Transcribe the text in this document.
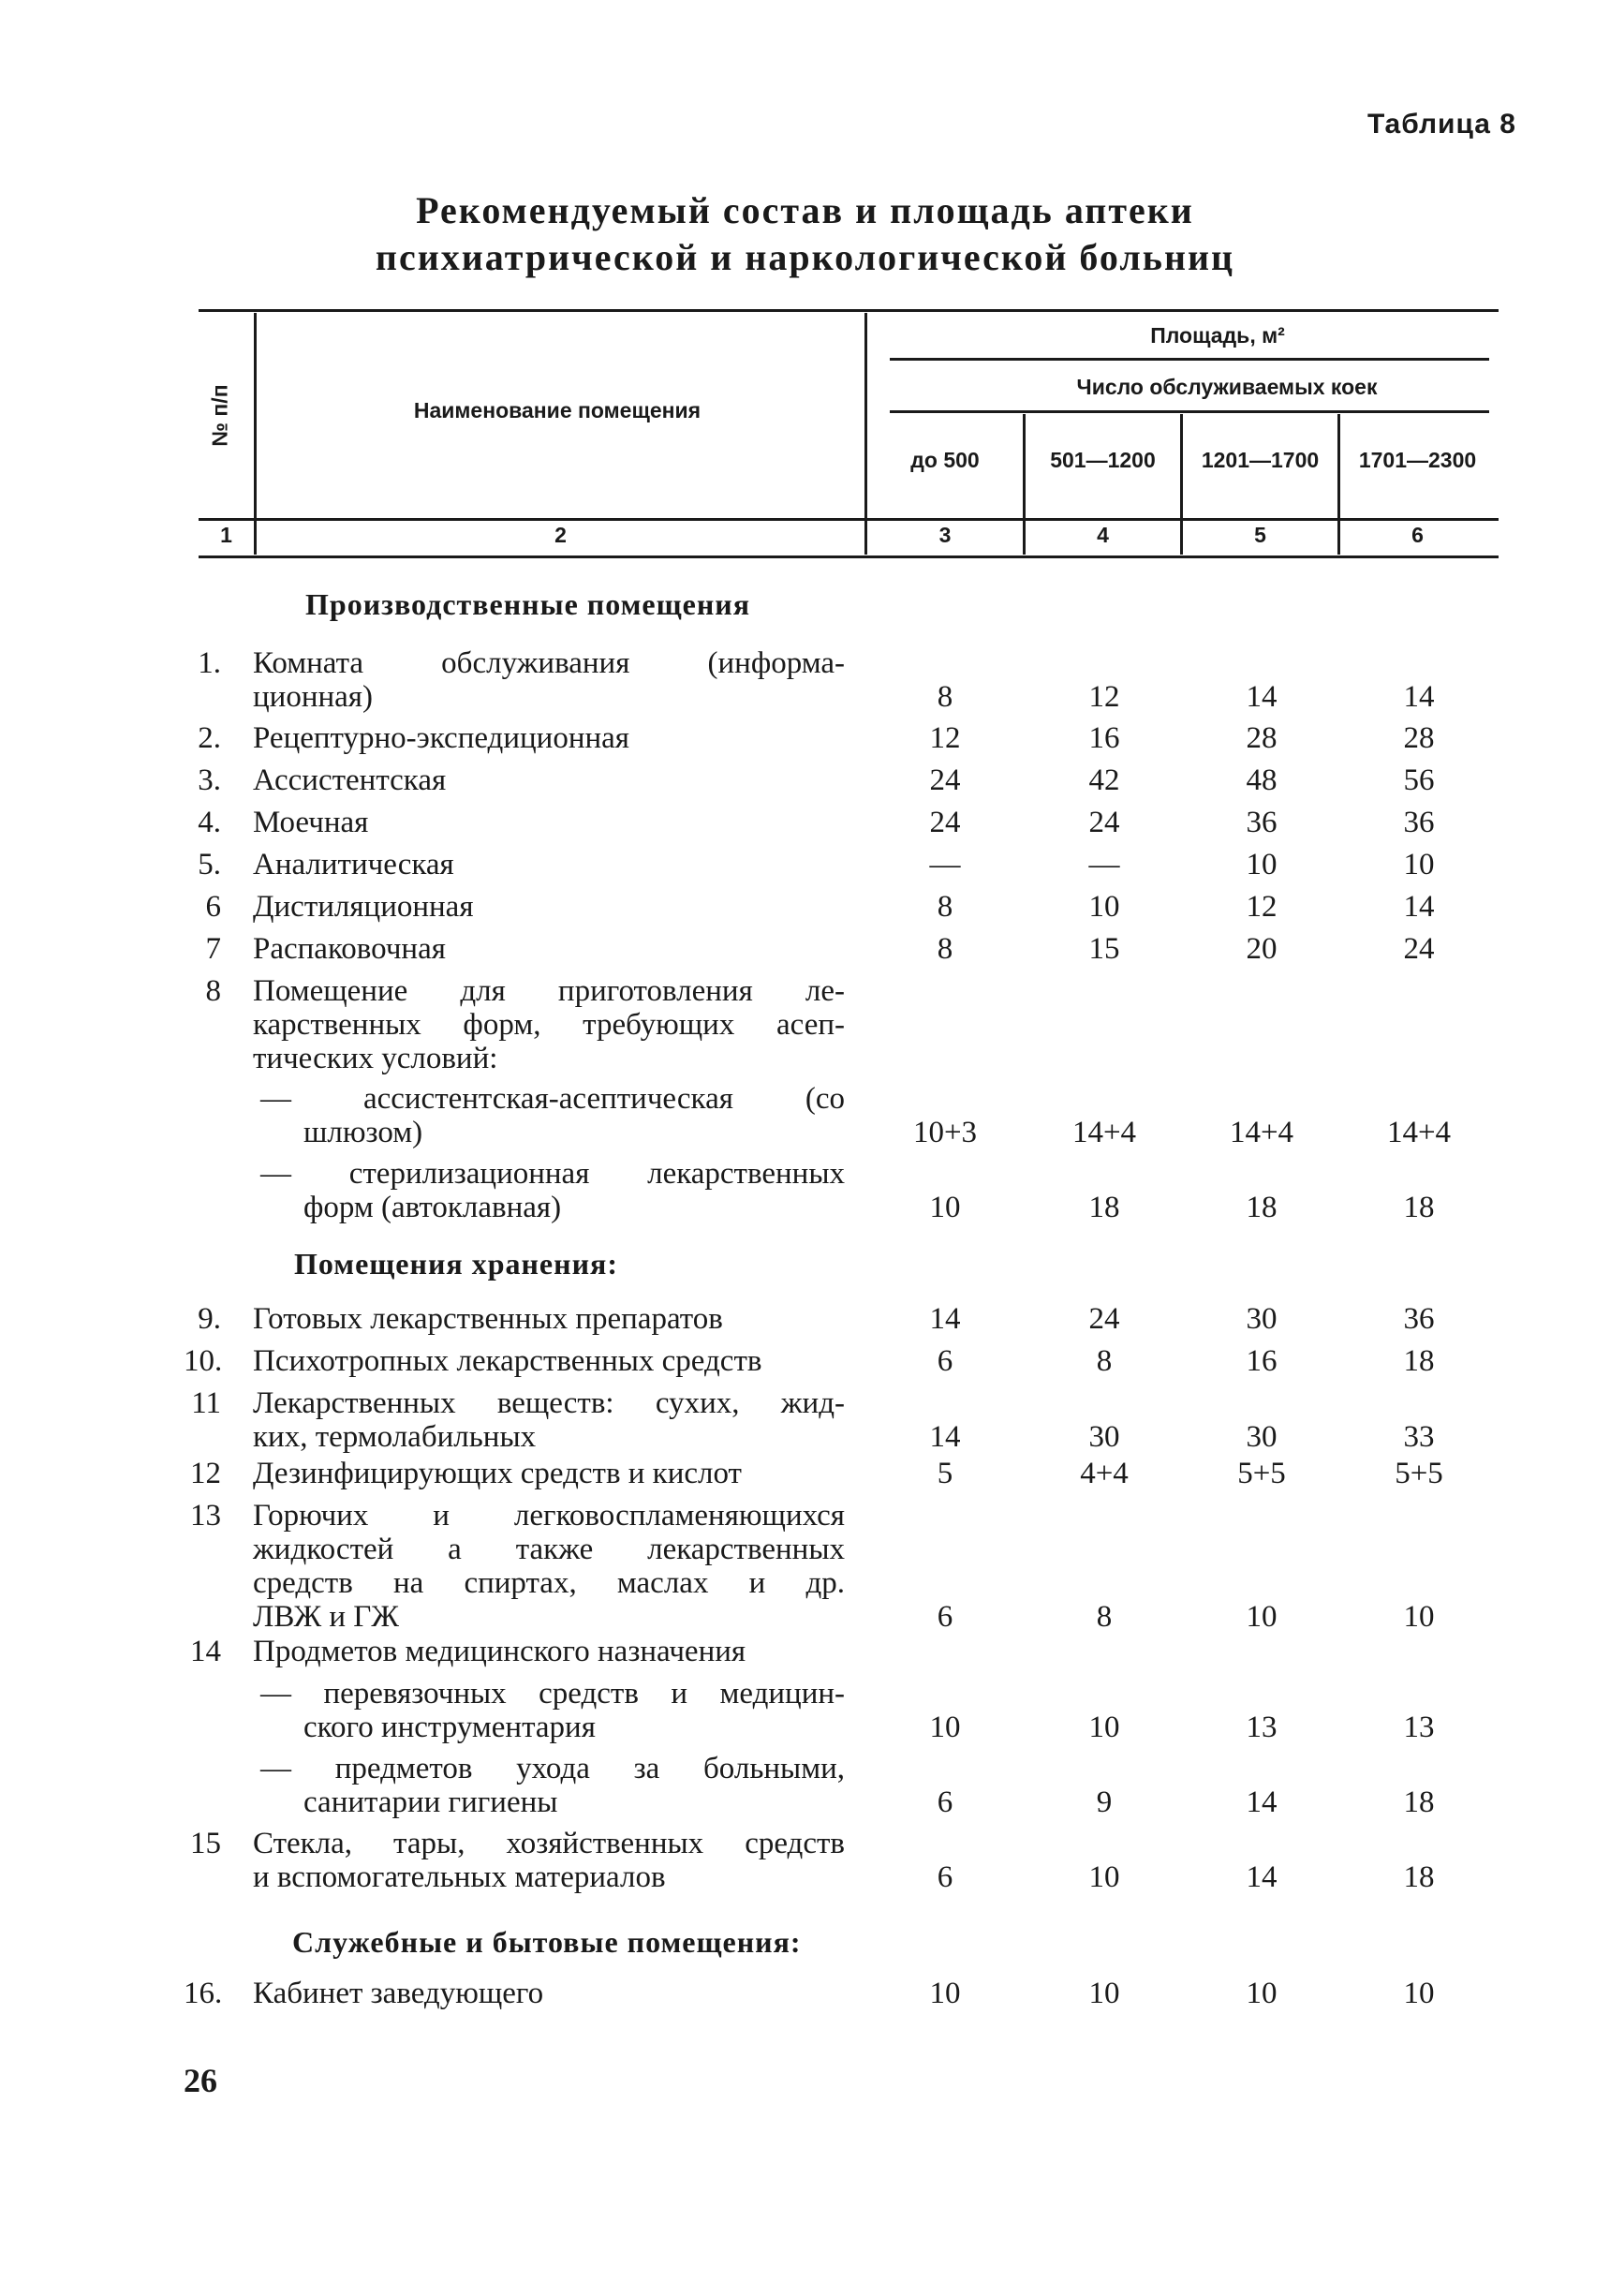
Таблица 8
Рекомендуемый состав и площадь аптеки
психиатрической и наркологической больниц
№ п/п	Наименование помещения
Площадь, м²
Число обслуживаемых коек
до 500	501—1200	1201—1700	1701—2300
1	2	3	4	5	6
Производственные помещения
Помещения хранения:
Служебные и бытовые помещения:
1. Комната обслуживания (информа-
ционная)	8	12	14	14
2. Рецептурно-экспедиционная	12	16	28	28
3. Ассистентская	24	42	48	56
4. Моечная	24	24	36	36
5. Аналитическая	—	—	10	10
6 Дистиляционная	8	10	12	14
7 Распаковочная	8	15	20	24
8 Помещение для приготовления ле-
карственных форм, требующих асеп-
тических условий:
— ассистентская-асептическая (со
шлюзом)	10+3	14+4	14+4	14+4
— стерилизационная лекарственных
форм (автоклавная)	10	18	18	18
9. Готовых лекарственных препаратов	14	24	30	36
10. Психотропных лекарственных средств	6	8	16	18
11 Лекарственных веществ: сухих, жид-
ких, термолабильных	14	30	30	33
12 Дезинфицирующих средств и кислот	5	4+4	5+5	5+5
13 Горючих и легковоспламеняющихся
жидкостей а также лекарственных
средств на спиртах, маслах и др.
ЛВЖ и ГЖ	6	8	10	10
14 Продметов медицинского назначения
— перевязочных средств и медицин-
ского инструментария	10	10	13	13
— предметов ухода за больными,
санитарии гигиены	6	9	14	18
15 Стекла, тары, хозяйственных средств
и вспомогательных материалов	6	10	14	18
16. Кабинет заведующего	10	10	10	10
26
